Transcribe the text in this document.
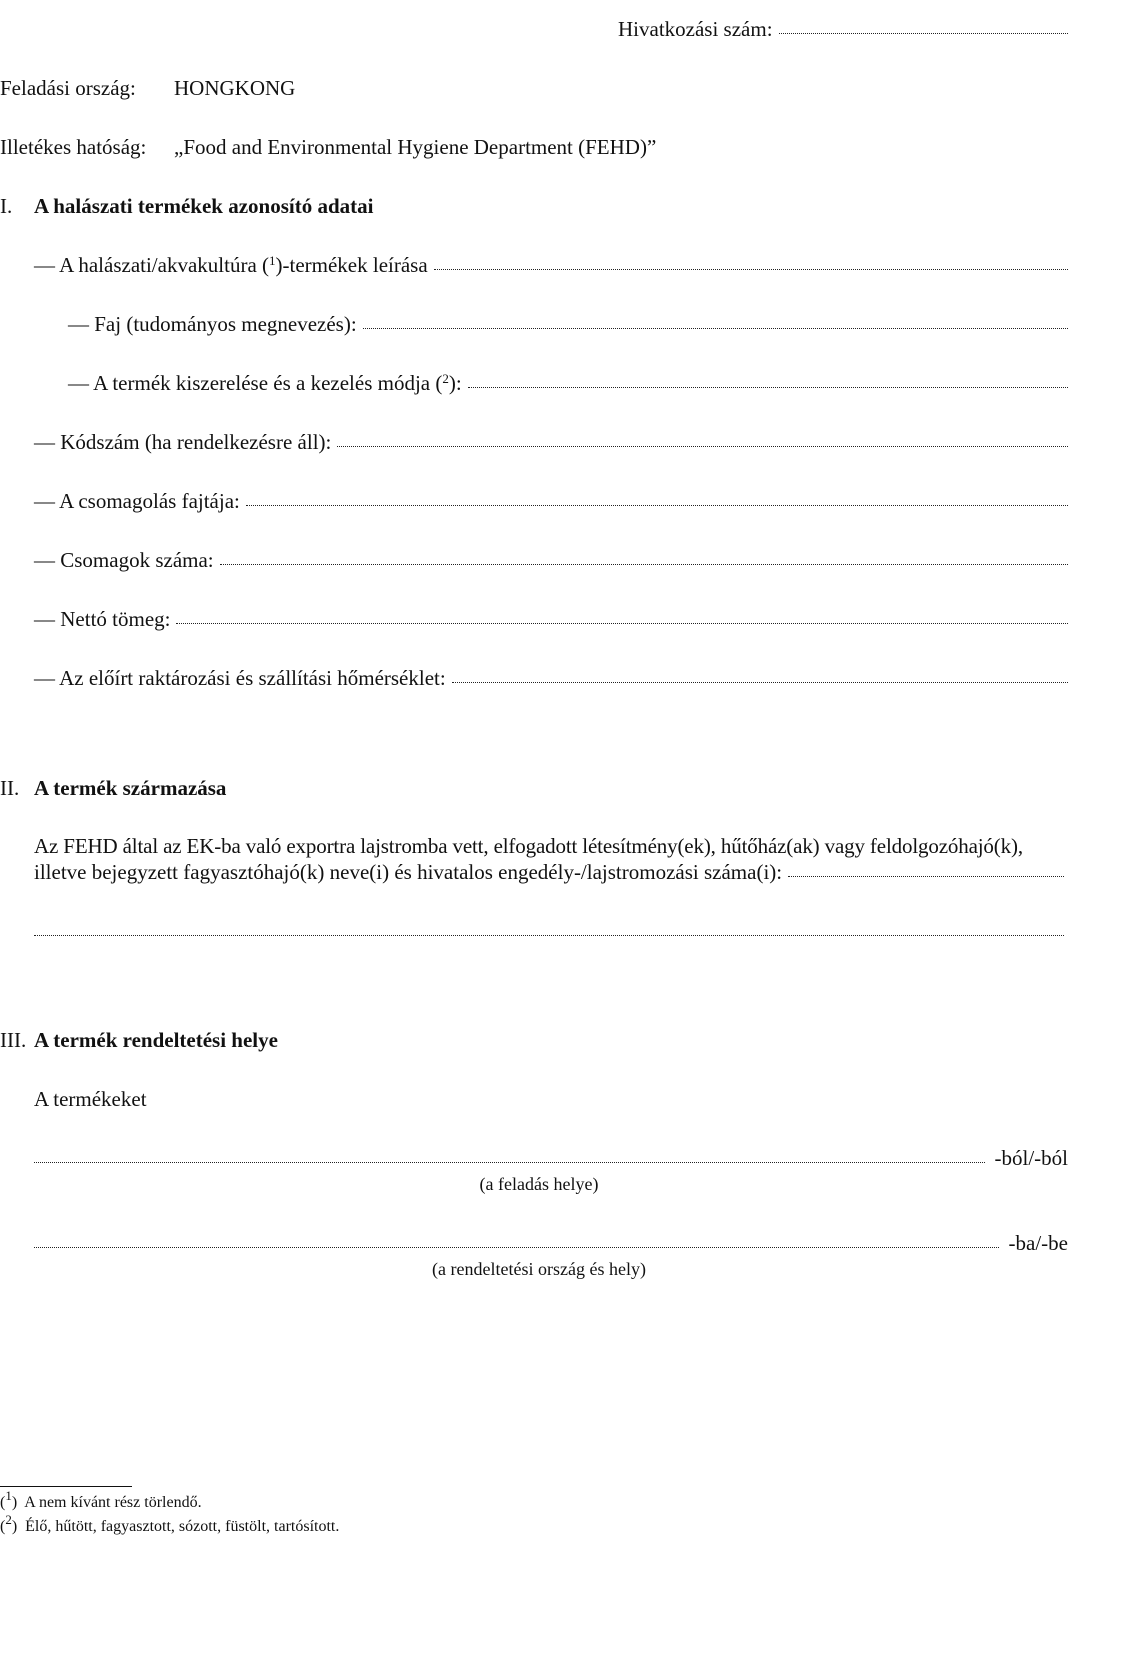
Hivatkozási szám:
Feladási ország: HONGKONG
Illetékes hatóság: „Food and Environmental Hygiene Department (FEHD)”
I. A halászati termékek azonosító adatai
— A halászati/akvakultúra ($^1$)-termékek leírása
— Faj (tudományos megnevezés):
— A termék kiszerelése és a kezelés módja ($^2$):
— Kódszám (ha rendelkezésre áll):
— A csomagolás fajtája:
— Csomagok száma:
— Nettó tömeg:
— Az előírt raktározási és szállítási hőmérséklet:
II. A termék származása
Az FEHD által az EK-ba való exportra lajstromba vett, elfogadott létesítmény(ek), hűtőház(ak) vagy feldolgozóhajó(k),
illetve bejegyzett fagyasztóhajó(k) neve(i) és hivatalos engedély-/lajstromozási száma(i):
III. A termék rendeltetési helye
A termékeket
-ból/-ból
(a feladás helye)
-ba/-be
(a rendeltetési ország és hely)
($^1$)  A nem kívánt rész törlendő.
($^2$)  Élő, hűtött, fagyasztott, sózott, füstölt, tartósított.
